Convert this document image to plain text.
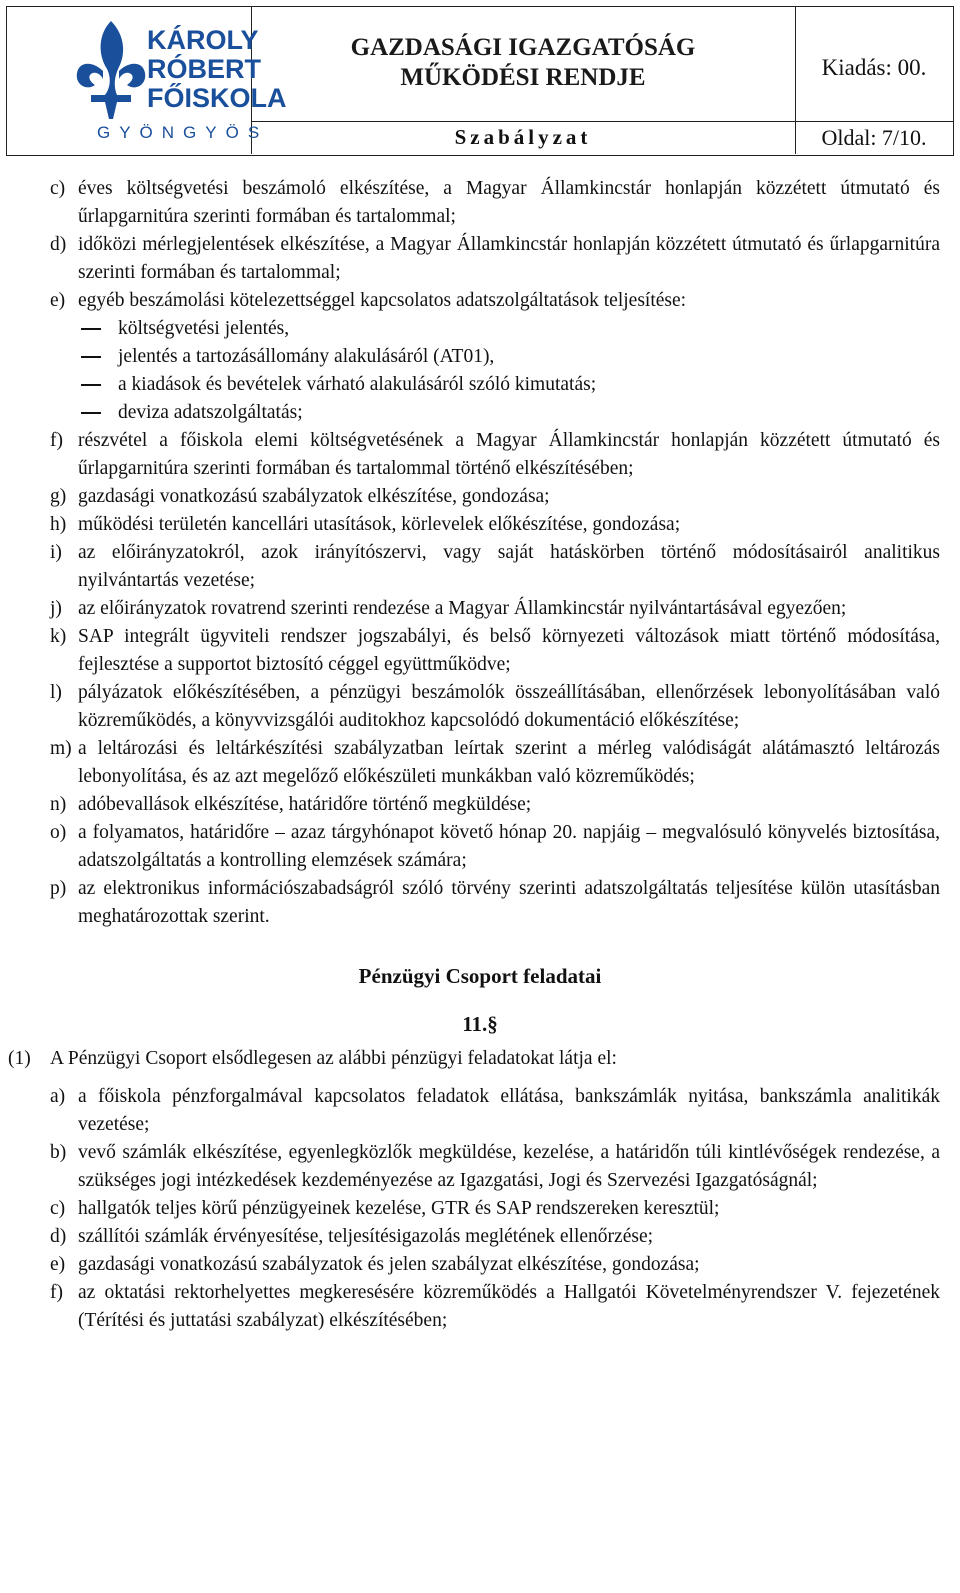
KÁROLY
RÓBERT
FŐISKOLA
GYÖNGYÖS
GAZDASÁGI IGAZGATÓSÁG
MŰKÖDÉSI RENDJE	Kiadás: 00.
Szabályzat	Oldal: 7/10.
c) éves költségvetési beszámoló elkészítése, a Magyar Államkincstár honlapján közzétett útmutató és űrlapgarnitúra szerinti formában és tartalommal;
d) időközi mérlegjelentések elkészítése, a Magyar Államkincstár honlapján közzétett útmutató és űrlapgarnitúra szerinti formában és tartalommal;
e) egyéb beszámolási kötelezettséggel kapcsolatos adatszolgáltatások teljesítése:
költségvetési jelentés,
jelentés a tartozásállomány alakulásáról (AT01),
a kiadások és bevételek várható alakulásáról szóló kimutatás;
deviza adatszolgáltatás;
f) részvétel a főiskola elemi költségvetésének a Magyar Államkincstár honlapján közzétett útmutató és űrlapgarnitúra szerinti formában és tartalommal történő elkészítésében;
g) gazdasági vonatkozású szabályzatok elkészítése, gondozása;
h) működési területén kancellári utasítások, körlevelek előkészítése, gondozása;
i) az előirányzatokról, azok irányítószervi, vagy saját hatáskörben történő módosításairól analitikus nyilvántartás vezetése;
j) az előirányzatok rovatrend szerinti rendezése a Magyar Államkincstár nyilvántartásával egyezően;
k) SAP integrált ügyviteli rendszer jogszabályi, és belső környezeti változások miatt történő módosítása, fejlesztése a supportot biztosító céggel együttműködve;
l) pályázatok előkészítésében, a pénzügyi beszámolók összeállításában, ellenőrzések lebonyolításában való közreműködés, a könyvvizsgálói auditokhoz kapcsolódó dokumentáció előkészítése;
m) a leltározási és leltárkészítési szabályzatban leírtak szerint a mérleg valódiságát alátámasztó leltározás lebonyolítása, és az azt megelőző előkészületi munkákban való közreműködés;
n) adóbevallások elkészítése, határidőre történő megküldése;
o) a folyamatos, határidőre – azaz tárgyhónapot követő hónap 20. napjáig – megvalósuló könyvelés biztosítása, adatszolgáltatás a kontrolling elemzések számára;
p) az elektronikus információszabadságról szóló törvény szerinti adatszolgáltatás teljesítése külön utasításban meghatározottak szerint.
Pénzügyi Csoport feladatai
11.§
(1) A Pénzügyi Csoport elsődlegesen az alábbi pénzügyi feladatokat látja el:
a) a főiskola pénzforgalmával kapcsolatos feladatok ellátása, bankszámlák nyitása, bankszámla analitikák vezetése;
b) vevő számlák elkészítése, egyenlegközlők megküldése, kezelése, a határidőn túli kintlévőségek rendezése, a szükséges jogi intézkedések kezdeményezése az Igazgatási, Jogi és Szervezési Igazgatóságnál;
c) hallgatók teljes körű pénzügyeinek kezelése, GTR és SAP rendszereken keresztül;
d) szállítói számlák érvényesítése, teljesítésigazolás meglétének ellenőrzése;
e) gazdasági vonatkozású szabályzatok és jelen szabályzat elkészítése, gondozása;
f) az oktatási rektorhelyettes megkeresésére közreműködés a Hallgatói Követelményrendszer V. fejezetének (Térítési és juttatási szabályzat) elkészítésében;
